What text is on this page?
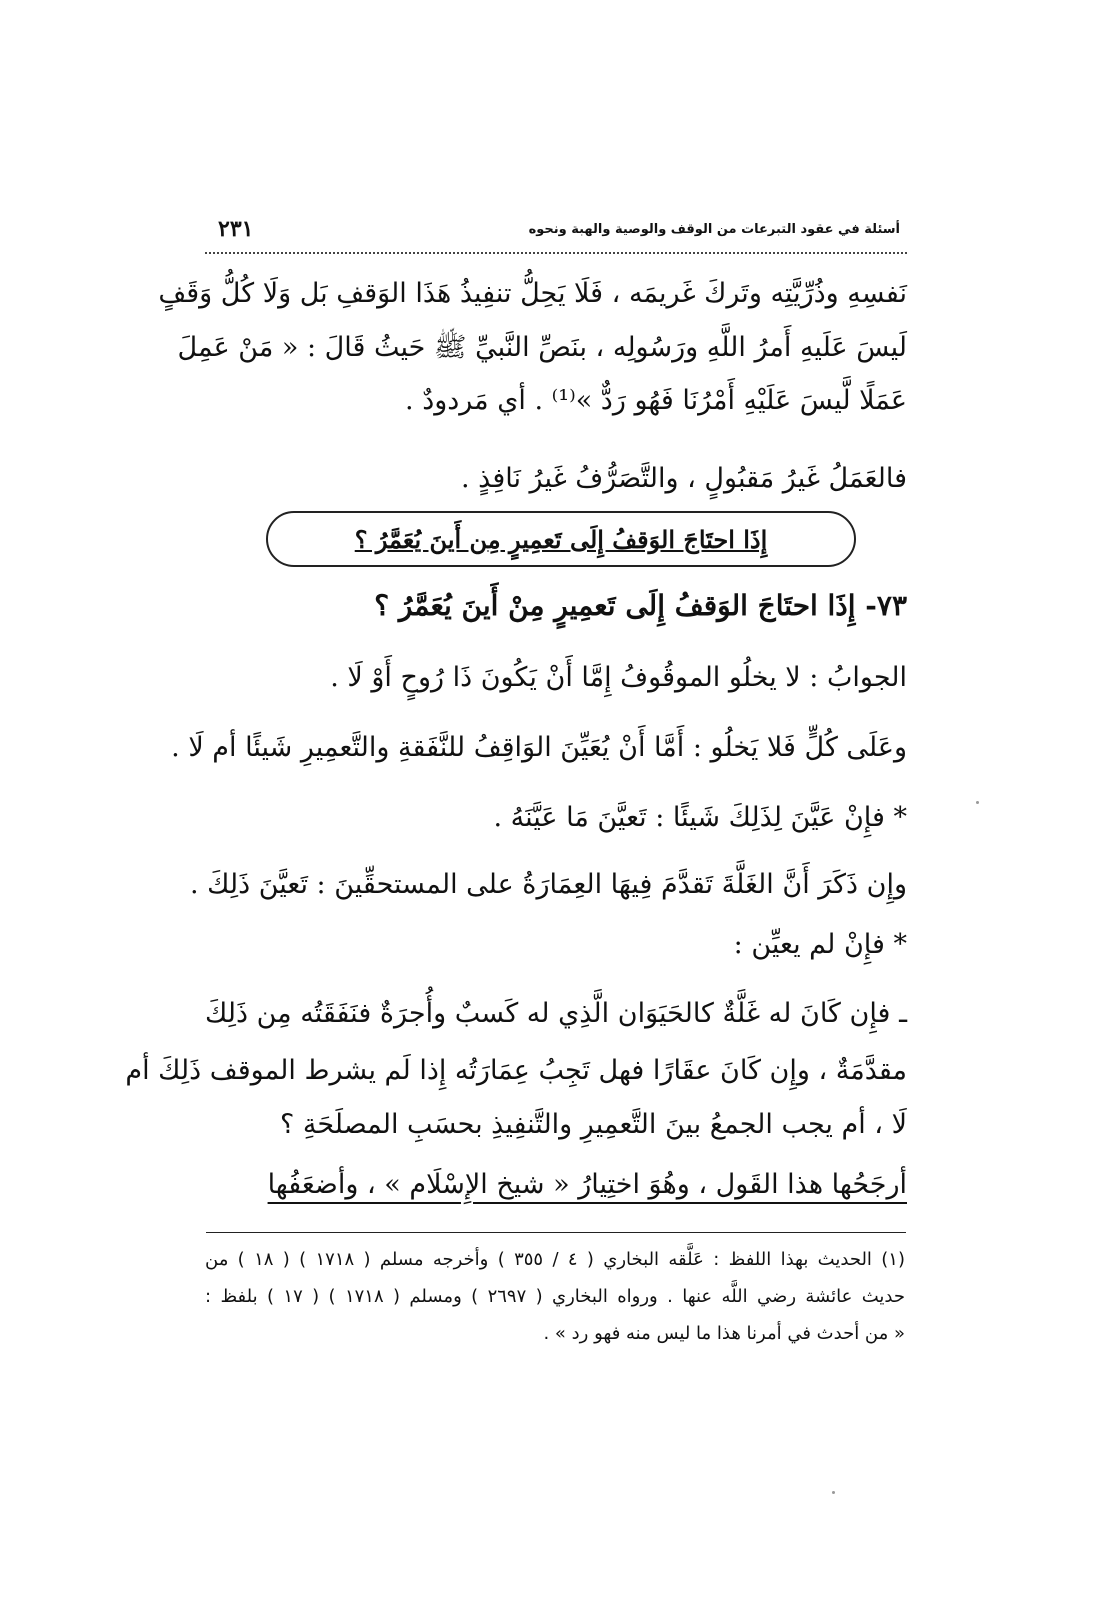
٢٣١	أسئلة في عقود التبرعات من الوقف والوصية والهبة ونحوه
نَفسِهِ وذُرِّيَّتِه وتَركَ غَريمَه ، فَلَا يَحِلُّ تنفِيذُ هَذَا الوَقفِ بَل وَلَا كُلُّ وَقَفٍ
لَيسَ عَلَيهِ أَمرُ اللَّهِ ورَسُولِه ، بنَصِّ النَّبيِّ ﷺ حَيثُ قَالَ : « مَنْ عَمِلَ
عَمَلًا لَّيسَ عَلَيْهِ أَمْرُنَا فَهُو رَدٌّ »⁽¹⁾ . أي مَردودٌ .
فالعَمَلُ غَيرُ مَقبُولٍ ، والتَّصَرُّفُ غَيرُ نَافِذٍ .
إِذَا احتَاجَ الوَقفُ إِلَى تَعمِيرٍ مِن أَينَ يُعَمَّرُ ؟
٧٣- إِذَا احتَاجَ الوَقفُ إِلَى تَعمِيرٍ مِنْ أَينَ يُعَمَّرُ ؟
الجوابُ : لا يخلُو الموقُوفُ إِمَّا أَنْ يَكُونَ ذَا رُوحٍ أَوْ لَا .
وعَلَى كُلٍّ فَلا يَخلُو : أَمَّا أَنْ يُعَيِّنَ الوَاقِفُ للنَّفَقةِ والتَّعمِيرِ شَيئًا أم لَا .
* فإِنْ عَيَّنَ لِذَلِكَ شَيئًا : تَعيَّنَ مَا عَيَّنَهُ .
وإِن ذَكَرَ أَنَّ الغَلَّةَ تَقدَّمَ فِيهَا العِمَارَةُ على المستحقِّينَ : تَعيَّنَ ذَلِكَ .
* فإِنْ لم يعيِّن :
ـ فإِن كَانَ له غَلَّةٌ كالحَيَوَان الَّذِي له كَسبٌ وأُجرَةٌ فنَفَقَتُه مِن ذَلِكَ
مقدَّمَةٌ ، وإِن كَانَ عقَارًا فهل تَجِبُ عِمَارَتُه إِذا لَم يشرط الموقف ذَلِكَ أم
لَا ، أم يجب الجمعُ بينَ التَّعمِيرِ والتَّنفِيذِ بحسَبِ المصلَحَةِ ؟
أرجَحُها هذا القَول ، وهُوَ اختِيارُ « شيخ الإِسْلَام » ، وأضعَفُها
(١) الحديث بهذا اللفظ : عَلَّقه البخاري ( ٤ / ٣٥٥ ) وأخرجه مسلم ( ١٧١٨ ) ( ١٨ ) من
حديث عائشة رضي اللَّه عنها . ورواه البخاري ( ٢٦٩٧ ) ومسلم ( ١٧١٨ ) ( ١٧ ) بلفظ :
« من أحدث في أمرنا هذا ما ليس منه فهو رد » .
